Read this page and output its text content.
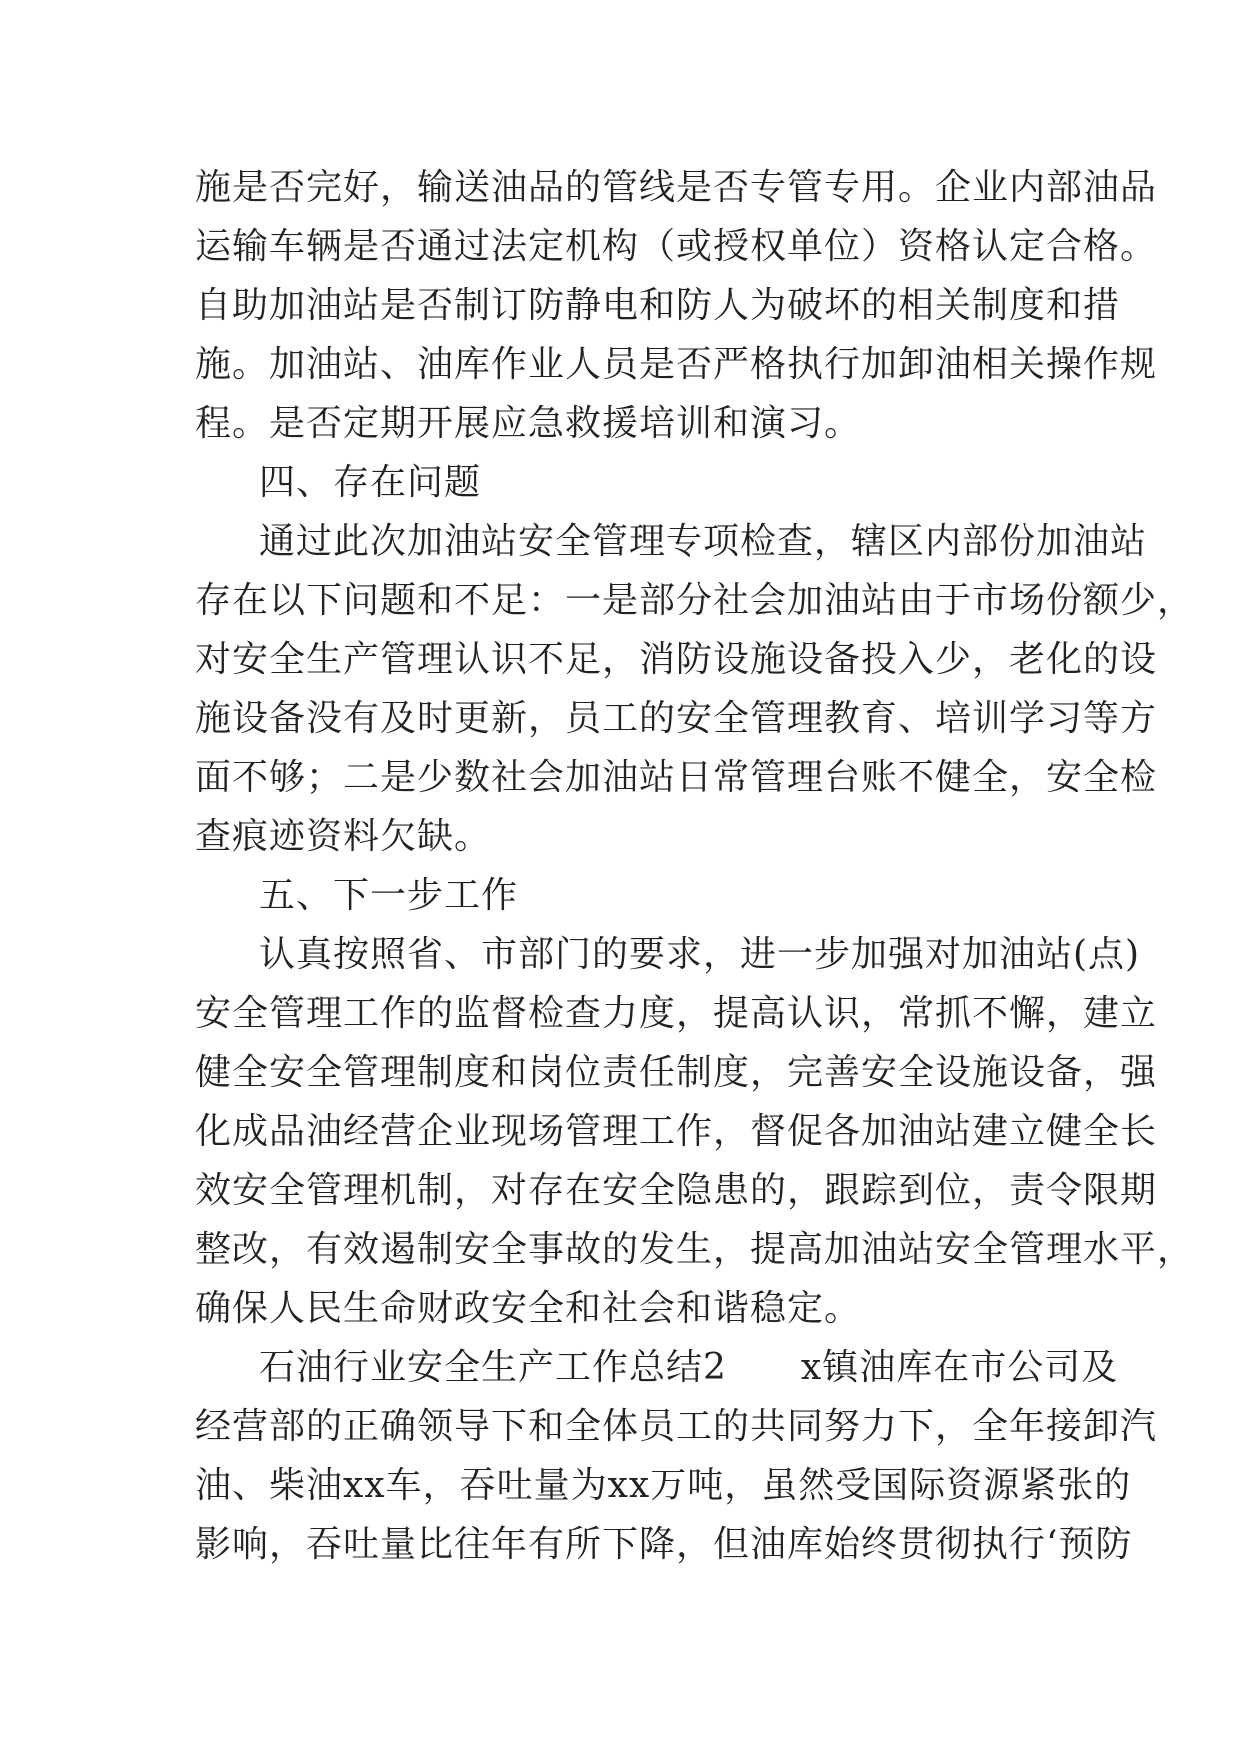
施是否完好，输送油品的管线是否专管专用。企业内部油品
运输车辆是否通过法定机构（或授权单位）资格认定合格。
自助加油站是否制订防静电和防人为破坏的相关制度和措
施。加油站、油库作业人员是否严格执行加卸油相关操作规
程。是否定期开展应急救援培训和演习。
四、存在问题
通过此次加油站安全管理专项检查，辖区内部份加油站
存在以下问题和不足：一是部分社会加油站由于市场份额少，
对安全生产管理认识不足，消防设施设备投入少，老化的设
施设备没有及时更新，员工的安全管理教育、培训学习等方
面不够；二是少数社会加油站日常管理台账不健全，安全检
查痕迹资料欠缺。
五、下一步工作
认真按照省、市部门的要求，进一步加强对加油站(点)
安全管理工作的监督检查力度，提高认识，常抓不懈，建立
健全安全管理制度和岗位责任制度，完善安全设施设备，强
化成品油经营企业现场管理工作，督促各加油站建立健全长
效安全管理机制，对存在安全隐患的，跟踪到位，责令限期
整改，有效遏制安全事故的发生，提高加油站安全管理水平，
确保人民生命财政安全和社会和谐稳定。
石油行业安全生产工作总结2　　x镇油库在市公司及
经营部的正确领导下和全体员工的共同努力下，全年接卸汽
油、柴油xx车，吞吐量为xx万吨，虽然受国际资源紧张的
影响，吞吐量比往年有所下降，但油库始终贯彻执行‘预防
